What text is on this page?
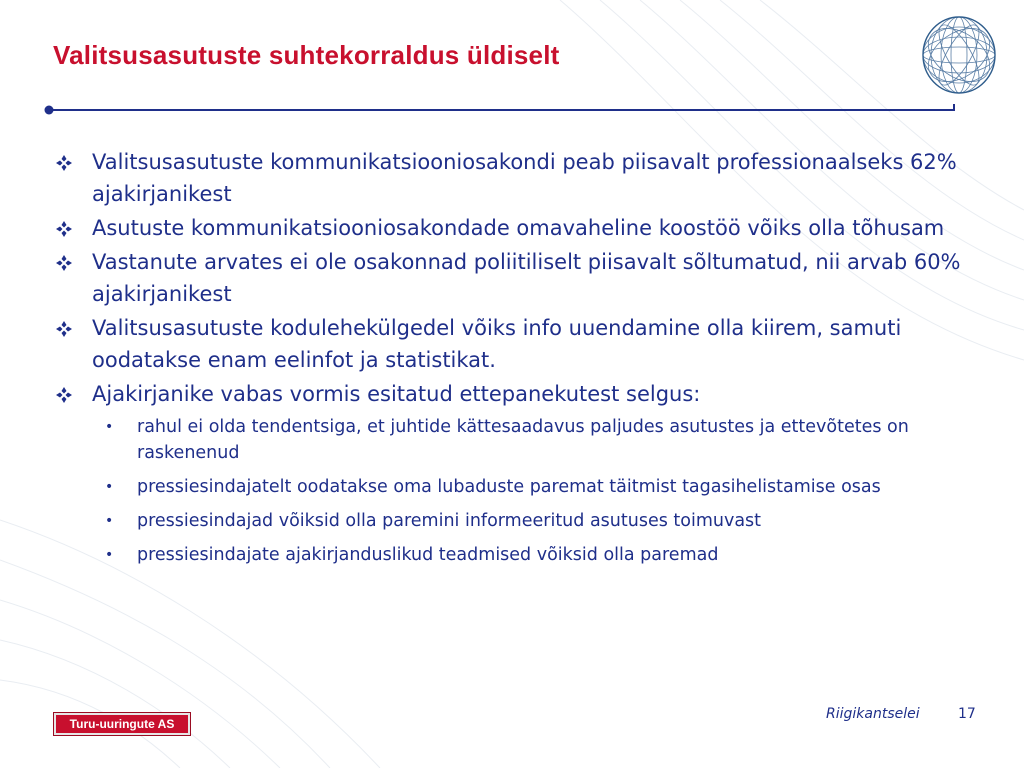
Valitsusasutuste suhtekorraldus üldiselt
Valitsusasutuste kommunikatsiooniosakondi peab piisavalt professionaalseks 62% ajakirjanikest
Asutuste kommunikatsiooniosakondade omavaheline koostöö võiks olla tõhusam
Vastanute arvates ei ole osakonnad poliitiliselt piisavalt sõltumatud, nii arvab 60% ajakirjanikest
Valitsusasutuste kodulehekülgedel võiks info uuendamine olla kiirem, samuti oodatakse enam eelinfot ja statistikat.
Ajakirjanike vabas vormis esitatud ettepanekutest selgus:
• rahul ei olda tendentsiga, et juhtide kättesaadavus paljudes asutustes ja ettevõtetes on raskenenud
• pressiesindajatelt oodatakse oma lubaduste paremat täitmist tagasihelistamise osas
• pressiesindajad võiksid olla paremini informeeritud asutuses toimuvast
• pressiesindajate ajakirjanduslikud teadmised võiksid olla paremad
Turu-uuringute AS
Riigikantselei	17
